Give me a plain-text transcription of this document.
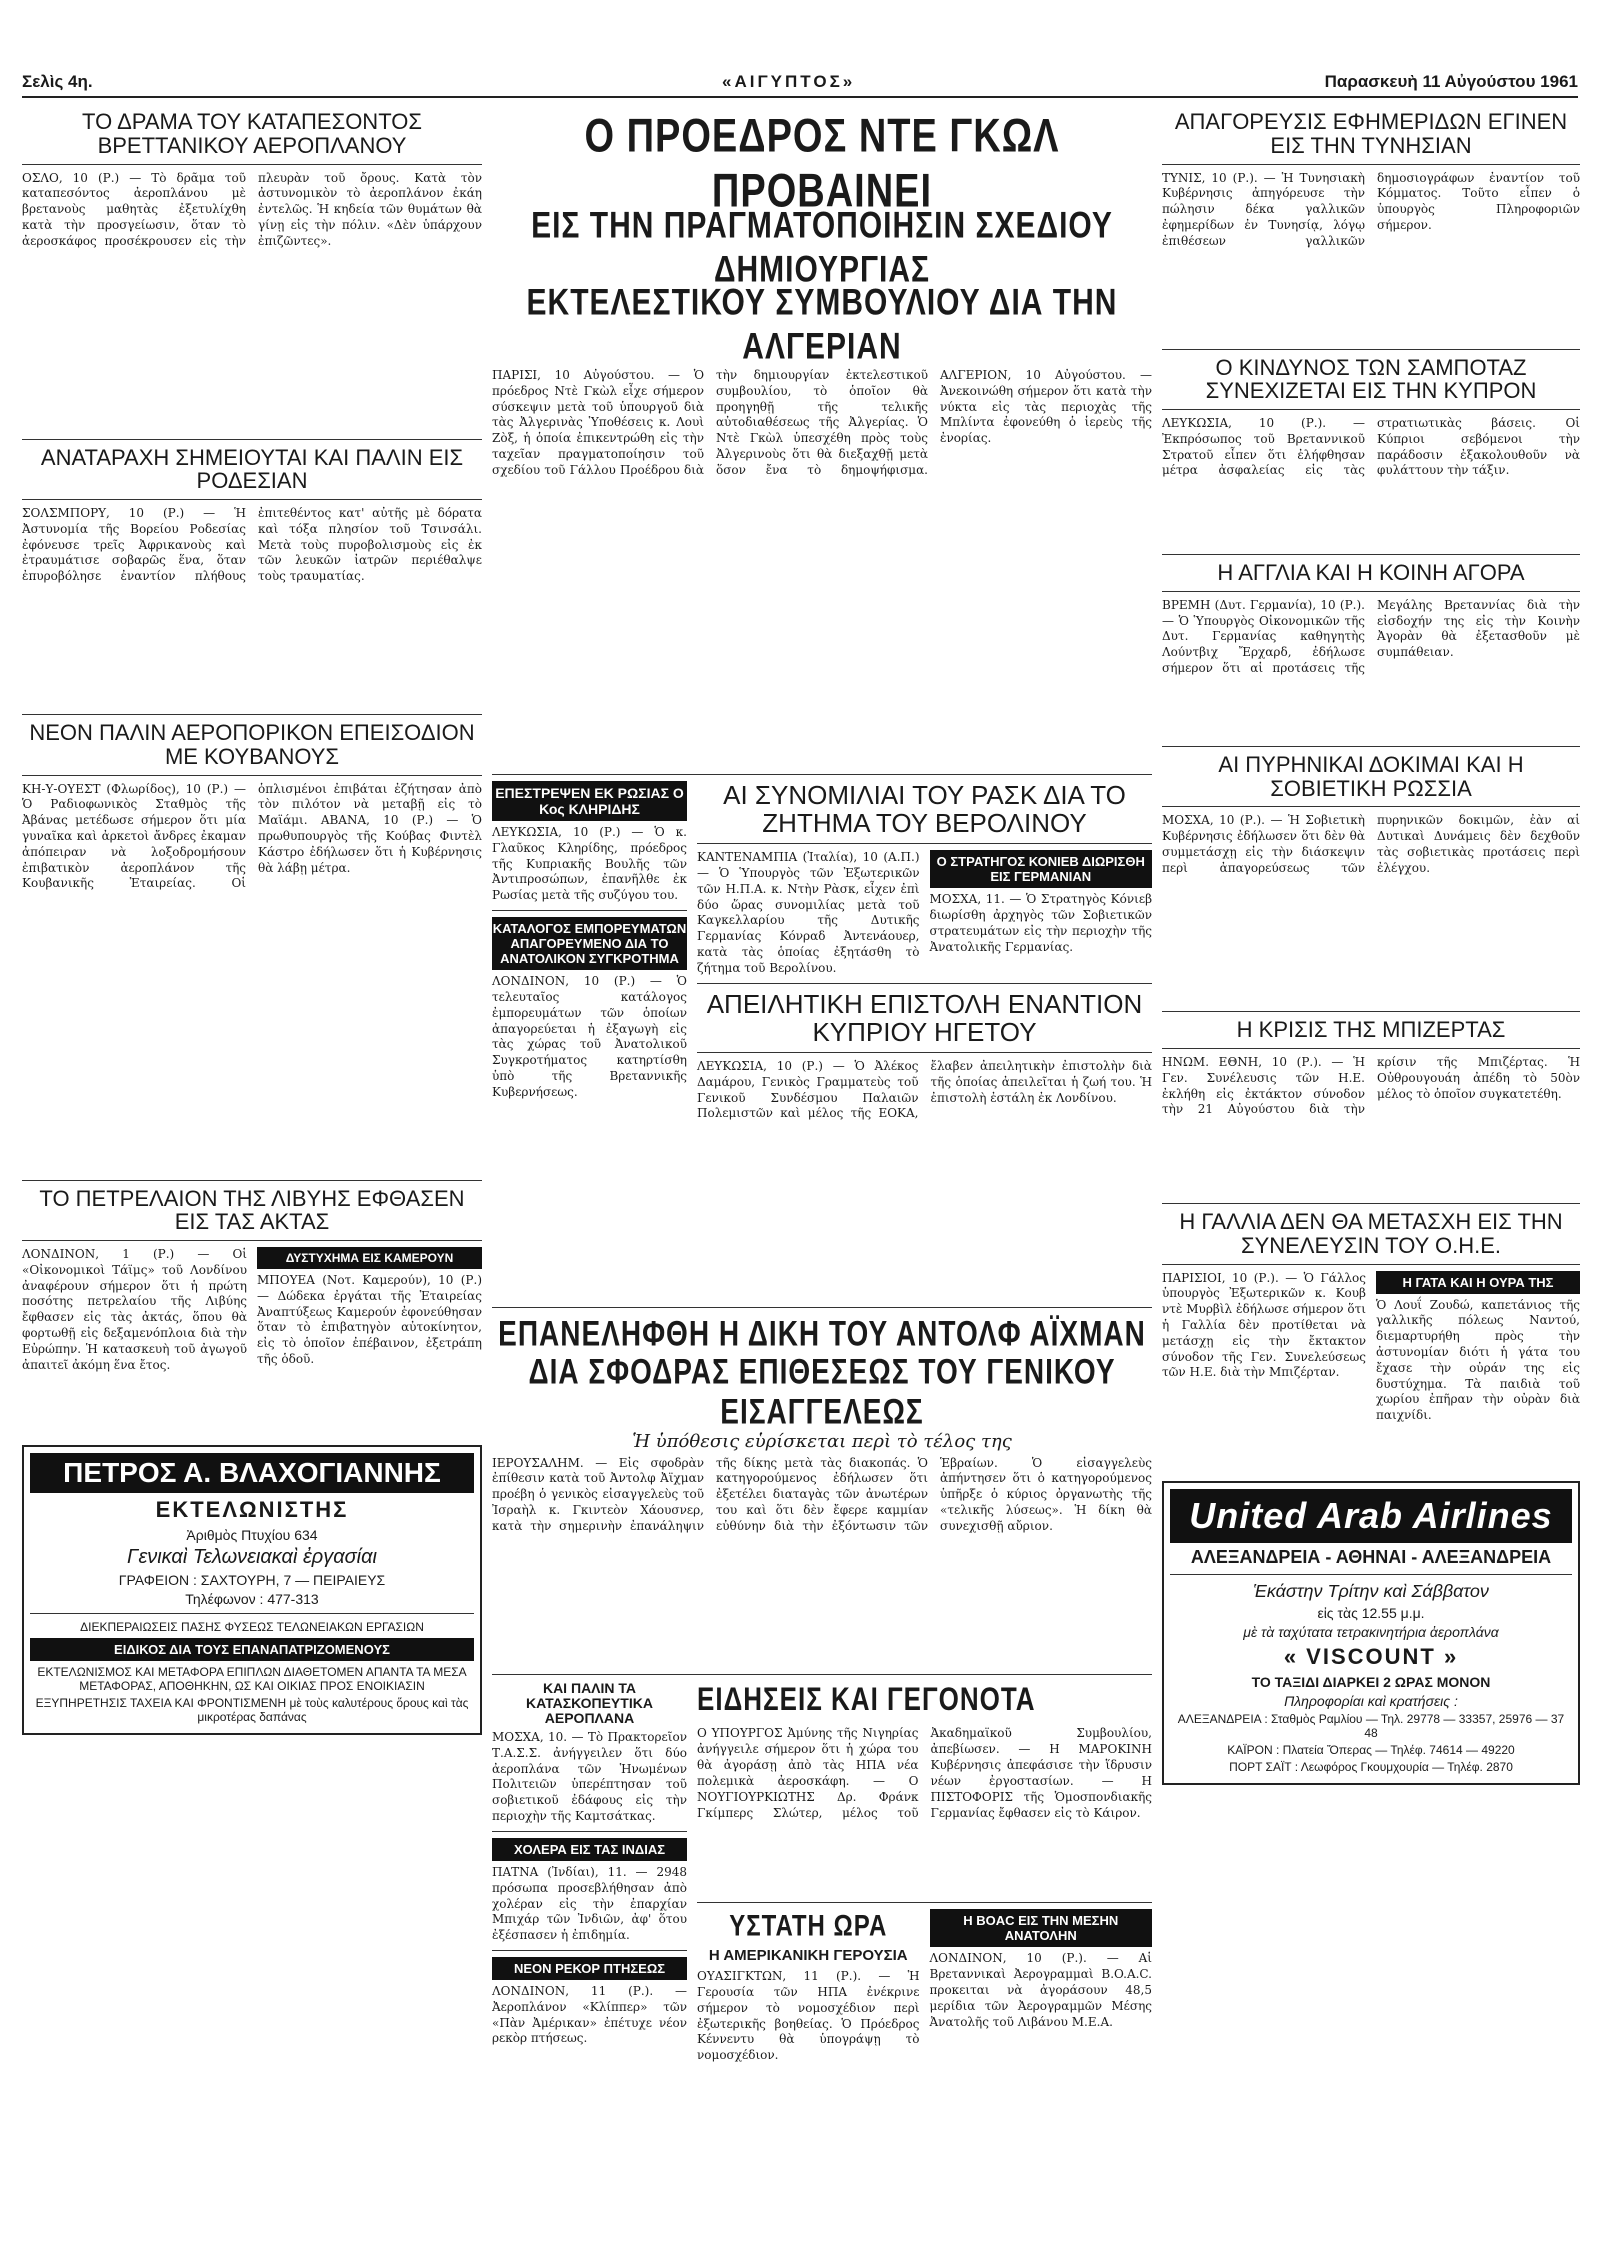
Σελὶς 4η.	«ΑΙΓΥΠΤΟΣ»	Παρασκευὴ 11 Αὐγούστου 1961
ΤΟ ΔΡΑΜΑ ΤΟΥ ΚΑΤΑΠΕΣΟΝΤΟΣ ΒΡΕΤΤΑΝΙΚΟΥ ΑΕΡΟΠΛΑΝΟΥ
ΟΣΛΟ, 10 (Ρ.) — Τὸ δρᾶμα τοῦ καταπεσόντος ἀεροπλάνου μὲ βρετανοὺς μαθητὰς ἐξετυλίχθη κατὰ τὴν προσγείωσιν, ὅταν τὸ ἀεροσκάφος προσέκρουσεν εἰς τὴν πλευρὰν τοῦ ὄρους. Κατὰ τὸν ἀστυνομικὸν τὸ ἀεροπλάνον ἐκάη ἐντελῶς. Ἡ κηδεία τῶν θυμάτων θὰ γίνῃ εἰς τὴν πόλιν. «Δὲν ὑπάρχουν ἐπιζῶντες».
ΑΝΑΤΑΡΑΧΗ ΣΗΜΕΙΟΥΤΑΙ ΚΑΙ ΠΑΛΙΝ ΕΙΣ ΡΟΔΕΣΙΑΝ
ΣΟΛΣΜΠΟΡΥ, 10 (Ρ.) — Ἡ Ἀστυνομία τῆς Βορείου Ροδεσίας ἐφόνευσε τρεῖς Ἀφρικανοὺς καὶ ἐτραυμάτισε σοβαρῶς ἕνα, ὅταν ἐπυροβόλησε ἐναντίον πλήθους ἐπιτεθέντος κατ' αὐτῆς μὲ δόρατα καὶ τόξα πλησίον τοῦ Τσινσάλι. Μετὰ τοὺς πυροβολισμοὺς εἰς ἐκ τῶν λευκῶν ἰατρῶν περιέθαλψε τοὺς τραυματίας.
ΝΕΟΝ ΠΑΛΙΝ ΑΕΡΟΠΟΡΙΚΟΝ ΕΠΕΙΣΟΔΙΟΝ ΜΕ ΚΟΥΒΑΝΟΥΣ
ΚΗ-Υ-ΟΥΕΣΤ (Φλωρίδος), 10 (Ρ.) — Ὁ Ραδιοφωνικὸς Σταθμὸς τῆς Ἀβάνας μετέδωσε σήμερον ὅτι μία γυναῖκα καὶ ἀρκετοὶ ἄνδρες ἐκαμαν ἀπόπειραν νὰ λοξοδρομήσουν ἐπιβατικὸν ἀεροπλάνον τῆς Κουβανικῆς Ἑταιρείας. Οἱ ὁπλισμένοι ἐπιβάται ἐζήτησαν ἀπὸ τὸν πιλότον νὰ μεταβῇ εἰς τὸ Μαϊάμι. ΑΒΑΝΑ, 10 (Ρ.) — Ὁ πρωθυπουργὸς τῆς Κούβας Φιντὲλ Κάστρο ἐδήλωσεν ὅτι ἡ Κυβέρνησις θὰ λάβῃ μέτρα.
ΤΟ ΠΕΤΡΕΛΑΙΟΝ ΤΗΣ ΛΙΒΥΗΣ ΕΦΘΑΣΕΝ ΕΙΣ ΤΑΣ ΑΚΤΑΣ
ΛΟΝΔΙΝΟΝ, 1 (Ρ.) — Οἱ «Οἰκονομικοὶ Τάϊμς» τοῦ Λονδίνου ἀναφέρουν σήμερον ὅτι ἡ πρώτη ποσότης πετρελαίου τῆς Λιβύης ἔφθασεν εἰς τὰς ἀκτάς, ὅπου θὰ φορτωθῇ εἰς δεξαμενόπλοια διὰ τὴν Εὐρώπην. Ἡ κατασκευὴ τοῦ ἀγωγοῦ ἀπαιτεῖ ἀκόμη ἕνα ἔτος.
ΔΥΣΤΥΧΗΜΑ ΕΙΣ ΚΑΜΕΡΟΥΝ
ΜΠΟΥΕΑ (Νοτ. Καμερούν), 10 (Ρ.) — Δώδεκα ἐργάται τῆς Ἑταιρείας Ἀναπτύξεως Καμερούν ἐφονεύθησαν ὅταν τὸ ἐπιβατηγὸν αὐτοκίνητον, εἰς τὸ ὁποῖον ἐπέβαινον, ἐξετράπη τῆς ὁδοῦ.
ΠΕΤΡΟΣ Α. ΒΛΑΧΟΓΙΑΝΝΗΣ
ΕΚΤΕΛΩΝΙΣΤΗΣ
Ἀριθμὸς Πτυχίου 634
Γενικαὶ Τελωνειακαὶ ἐργασίαι
ΓΡΑΦΕΙΟΝ : ΣΑΧΤΟΥΡΗ, 7 — ΠΕΙΡΑΙΕΥΣ
Τηλέφωνον : 477-313
ΔΙΕΚΠΕΡΑΙΩΣΕΙΣ ΠΑΣΗΣ ΦΥΣΕΩΣ ΤΕΛΩΝΕΙΑΚΩΝ ΕΡΓΑΣΙΩΝ
ΕΙΔΙΚΟΣ ΔΙΑ ΤΟΥΣ ΕΠΑΝΑΠΑΤΡΙΖΟΜΕΝΟΥΣ
ΕΚΤΕΛΩΝΙΣΜΟΣ ΚΑΙ ΜΕΤΑΦΟΡΑ ΕΠΙΠΛΩΝ ΔΙΑΘΕΤΟΜΕΝ ΑΠΑΝΤΑ ΤΑ ΜΕΣΑ ΜΕΤΑΦΟΡΑΣ, ΑΠΟΘΗΚΗΝ, ΩΣ ΚΑΙ ΟΙΚΙΑΣ ΠΡΟΣ ΕΝΟΙΚΙΑΣΙΝ
ΕΞΥΠΗΡΕΤΗΣΙΣ ΤΑΧΕΙΑ ΚΑΙ ΦΡΟΝΤΙΣΜΕΝΗ μὲ τοὺς καλυτέρους ὅρους καὶ τὰς μικροτέρας δαπάνας
Ο ΠΡΟΕΔΡΟΣ ΝΤΕ ΓΚΩΛ ΠΡΟΒΑΙΝΕΙ
ΕΙΣ ΤΗΝ ΠΡΑΓΜΑΤΟΠΟΙΗΣΙΝ ΣΧΕΔΙΟΥ ΔΗΜΙΟΥΡΓΙΑΣ
ΕΚΤΕΛΕΣΤΙΚΟΥ ΣΥΜΒΟΥΛΙΟΥ ΔΙΑ ΤΗΝ ΑΛΓΕΡΙΑΝ
ΠΑΡΙΣΙ, 10 Αὐγούστου. — Ὁ πρόεδρος Ντὲ Γκὼλ εἶχε σήμερον σύσκεψιν μετὰ τοῦ ὑπουργοῦ διὰ τὰς Ἀλγερινὰς Ὑποθέσεις κ. Λουὶ Ζὸξ, ἡ ὁποία ἐπικεντρώθη εἰς τὴν ταχεῖαν πραγματοποίησιν τοῦ σχεδίου τοῦ Γάλλου Προέδρου διὰ τὴν δημιουργίαν ἐκτελεστικοῦ συμβουλίου, τὸ ὁποῖον θὰ προηγηθῇ τῆς τελικῆς αὐτοδιαθέσεως τῆς Ἀλγερίας. Ὁ Ντὲ Γκὼλ ὑπεσχέθη πρὸς τοὺς Ἀλγερινοὺς ὅτι θὰ διεξαχθῇ μετὰ ὅσον ἔνα τὸ δημοψήφισμα. ΑΛΓΕΡΙΟΝ, 10 Αὐγούστου. — Ἀνεκοινώθη σήμερον ὅτι κατὰ τὴν νύκτα εἰς τὰς περιοχὰς τῆς Μπλίντα ἐφονεύθη ὁ ἱερεὺς τῆς ἐνορίας.
ΕΠΕΣΤΡΕΨΕΝ ΕΚ ΡΩΣΙΑΣ Ο Κος ΚΛΗΡΙΔΗΣ
ΛΕΥΚΩΣΙΑ, 10 (Ρ.) — Ὁ κ. Γλαῦκος Κληρίδης, πρόεδρος τῆς Κυπριακῆς Βουλῆς τῶν Ἀντιπροσώπων, ἐπανῆλθε ἐκ Ρωσίας μετὰ τῆς συζύγου του.
ΚΑΤΑΛΟΓΟΣ ΕΜΠΟΡΕΥΜΑΤΩΝ ΑΠΑΓΟΡΕΥΜΕΝΟ ΔΙΑ ΤΟ ΑΝΑΤΟΛΙΚΟΝ ΣΥΓΚΡΟΤΗΜΑ
ΛΟΝΔΙΝΟΝ, 10 (Ρ.) — Ὁ τελευταῖος κατάλογος ἐμπορευμάτων τῶν ὁποίων ἀπαγορεύεται ἡ ἐξαγωγὴ εἰς τὰς χώρας τοῦ Ἀνατολικοῦ Συγκροτήματος κατηρτίσθη ὑπὸ τῆς Βρεταννικῆς Κυβερνήσεως.
ΑΙ ΣΥΝΟΜΙΛΙΑΙ ΤΟΥ ΡΑΣΚ ΔΙΑ ΤΟ ΖΗΤΗΜΑ ΤΟΥ ΒΕΡΟΛΙΝΟΥ
ΚΑΝΤΕΝΑΜΠΙΑ (Ἰταλία), 10 (Α.Π.) — Ὁ Ὑπουργὸς τῶν Ἐξωτερικῶν τῶν Η.Π.Α. κ. Ντὴν Ρὰσκ, εἶχεν ἐπὶ δύο ὥρας συνομιλίας μετὰ τοῦ Καγκελλαρίου τῆς Δυτικῆς Γερμανίας Κόνραδ Ἀντενάουερ, κατὰ τὰς ὁποίας ἐξητάσθη τὸ ζήτημα τοῦ Βερολίνου.
Ο ΣΤΡΑΤΗΓΟΣ ΚΟΝΙΕΒ ΔΙΩΡΙΣΘΗ ΕΙΣ ΓΕΡΜΑΝΙΑΝ
ΜΟΣΧΑ, 11. — Ὁ Στρατηγὸς Κόνιεβ διωρίσθη ἀρχηγὸς τῶν Σοβιετικῶν στρατευμάτων εἰς τὴν περιοχὴν τῆς Ἀνατολικῆς Γερμανίας.
ΑΠΕΙΛΗΤΙΚΗ ΕΠΙΣΤΟΛΗ ΕΝΑΝΤΙΟΝ ΚΥΠΡΙΟΥ ΗΓΕΤΟΥ
ΛΕΥΚΩΣΙΑ, 10 (Ρ.) — Ὁ Ἀλέκος Δαμάρου, Γενικὸς Γραμματεὺς τοῦ Γενικοῦ Συνδέσμου Παλαιῶν Πολεμιστῶν καὶ μέλος τῆς ΕΟΚΑ, ἔλαβεν ἀπειλητικὴν ἐπιστολὴν διὰ τῆς ὁποίας ἀπειλεῖται ἡ ζωή του. Ἡ ἐπιστολὴ ἐστάλη ἐκ Λονδίνου.
ΕΠΑΝΕΛΗΦΘΗ Η ΔΙΚΗ ΤΟΥ ΑΝΤΟΛΦ ΑΪΧΜΑΝ
ΔΙΑ ΣΦΟΔΡΑΣ ΕΠΙΘΕΣΕΩΣ ΤΟΥ ΓΕΝΙΚΟΥ ΕΙΣΑΓΓΕΛΕΩΣ
Ἡ ὑπόθεσις εὑρίσκεται περὶ τὸ τέλος της
ΙΕΡΟΥΣΑΛΗΜ. — Εἰς σφοδρὰν ἐπίθεσιν κατὰ τοῦ Ἀντολφ Ἀϊχμαν προέβη ὁ γενικὸς εἰσαγγελεὺς τοῦ Ἰσραὴλ κ. Γκιντεὸν Χάουσνερ, κατὰ τὴν σημερινὴν ἐπανάληψιν τῆς δίκης μετὰ τὰς διακοπάς. Ὁ κατηγορούμενος ἐδήλωσεν ὅτι ἐξετέλει διαταγὰς τῶν ἀνωτέρων του καὶ ὅτι δὲν ἔφερε καμμίαν εὐθύνην διὰ τὴν ἐξόντωσιν τῶν Ἑβραίων. Ὁ εἰσαγγελεὺς ἀπήντησεν ὅτι ὁ κατηγορούμενος ὑπῆρξε ὁ κύριος ὀργανωτὴς τῆς «τελικῆς λύσεως». Ἡ δίκη θὰ συνεχισθῇ αὔριον.
ΚΑΙ ΠΑΛΙΝ ΤΑ ΚΑΤΑΣΚΟΠΕΥΤΙΚΑ ΑΕΡΟΠΛΑΝΑ
ΜΟΣΧΑ, 10. — Τὸ Πρακτορεῖον Τ.Α.Σ.Σ. ἀνήγγειλεν ὅτι δύο ἀεροπλάνα τῶν Ἡνωμένων Πολιτειῶν ὑπερέπτησαν τοῦ σοβιετικοῦ ἐδάφους εἰς τὴν περιοχὴν τῆς Καμτσάτκας.
ΧΟΛΕΡΑ ΕΙΣ ΤΑΣ ΙΝΔΙΑΣ
ΠΑΤΝΑ (Ἰνδίαι), 11. — 2948 πρόσωπα προσεβλήθησαν ἀπὸ χολέραν εἰς τὴν ἐπαρχίαν Μπιχάρ τῶν Ἰνδιῶν, ἀφ' ὅτου ἐξέσπασεν ἡ ἐπιδημία.
ΝΕΟΝ ΡΕΚΟΡ ΠΤΗΣΕΩΣ
ΛΟΝΔΙΝΟΝ, 11 (Ρ.). — Ἀεροπλάνον «Κλίππερ» τῶν «Πὰν Ἀμέρικαν» ἐπέτυχε νέον ρεκὸρ πτήσεως.
ΕΙΔΗΣΕΙΣ ΚΑΙ ΓΕΓΟΝΟΤΑ
Ο ΥΠΟΥΡΓΟΣ Ἀμύνης τῆς Νιγηρίας ἀνήγγειλε σήμερον ὅτι ἡ χώρα του θὰ ἀγοράσῃ ἀπὸ τὰς ΗΠΑ νέα πολεμικὰ ἀεροσκάφη. — Ο ΝΟΥΓΙΟΥΡΚΙΩΤΗΣ Δρ. Φράνκ Γκίμπερς Σλώτερ, μέλος τοῦ Ἀκαδημαϊκοῦ Συμβουλίου, ἀπεβίωσεν. — Η ΜΑΡΟΚΙΝΗ Κυβέρνησις ἀπεφάσισε τὴν ἵδρυσιν νέων ἐργοστασίων. — Η ΠΙΣΤΟΦΟΡΙΣ τῆς Ὁμοσπονδιακῆς Γερμανίας ἔφθασεν εἰς τὸ Κάιρον.
ΥΣΤΑΤΗ ΩΡΑ
Η ΑΜΕΡΙΚΑΝΙΚΗ ΓΕΡΟΥΣΙΑ
ΟΥΑΣΙΓΚΤΩΝ, 11 (Ρ.). — Ἡ Γερουσία τῶν ΗΠΑ ἐνέκρινε σήμερον τὸ νομοσχέδιον περὶ ἐξωτερικῆς βοηθείας. Ὁ Πρόεδρος Κέννεντυ θὰ ὑπογράψῃ τὸ νομοσχέδιον.
Η BOAC ΕΙΣ ΤΗΝ ΜΕΣΗΝ ΑΝΑΤΟΛΗΝ
ΛΟΝΔΙΝΟΝ, 10 (Ρ.). — Αἱ Βρεταννικαὶ Ἀερογραμμαὶ B.O.A.C. προκειται νὰ ἀγοράσουν 48,5 μερίδια τῶν Ἀερογραμμῶν Μέσης Ἀνατολῆς τοῦ Λιβάνου M.E.A.
ΑΠΑΓΟΡΕΥΣΙΣ ΕΦΗΜΕΡΙΔΩΝ ΕΓΙΝΕΝ ΕΙΣ ΤΗΝ ΤΥΝΗΣΙΑΝ
ΤΥΝΙΣ, 10 (Ρ.). — Ἡ Τυνησιακὴ Κυβέρνησις ἀπηγόρευσε τὴν πώλησιν δέκα γαλλικῶν ἐφημερίδων ἐν Τυνησίᾳ, λόγῳ ἐπιθέσεων γαλλικῶν δημοσιογράφων ἐναντίον τοῦ Κόμματος. Τοῦτο εἶπεν ὁ ὑπουργὸς Πληροφοριῶν σήμερον.
Ο ΚΙΝΔΥΝΟΣ ΤΩΝ ΣΑΜΠΟΤΑΖ ΣΥΝΕΧΙΖΕΤΑΙ ΕΙΣ ΤΗΝ ΚΥΠΡΟΝ
ΛΕΥΚΩΣΙΑ, 10 (Ρ.). — Ἐκπρόσωπος τοῦ Βρεταννικοῦ Στρατοῦ εἶπεν ὅτι ἐλήφθησαν μέτρα ἀσφαλείας εἰς τὰς στρατιωτικὰς βάσεις. Οἱ Κύπριοι σεβόμενοι τὴν παράδοσιν ἐξακολουθοῦν νὰ φυλάττουν τὴν τάξιν.
Η ΑΓΓΛΙΑ ΚΑΙ Η ΚΟΙΝΗ ΑΓΟΡΑ
ΒΡΕΜΗ (Δυτ. Γερμανία), 10 (Ρ.). — Ὁ Ὑπουργὸς Οἰκονομικῶν τῆς Δυτ. Γερμανίας καθηγητὴς Λούντβιχ Ἔρχαρδ, ἐδήλωσε σήμερον ὅτι αἱ προτάσεις τῆς Μεγάλης Βρεταννίας διὰ τὴν εἰσδοχήν της εἰς τὴν Κοινὴν Ἀγορὰν θὰ ἐξετασθοῦν μὲ συμπάθειαν.
ΑΙ ΠΥΡΗΝΙΚΑΙ ΔΟΚΙΜΑΙ ΚΑΙ Η ΣΟΒΙΕΤΙΚΗ ΡΩΣΣΙΑ
ΜΟΣΧΑ, 10 (Ρ.). — Ἡ Σοβιετικὴ Κυβέρνησις ἐδήλωσεν ὅτι δὲν θὰ συμμετάσχῃ εἰς τὴν διάσκεψιν περὶ ἀπαγορεύσεως τῶν πυρηνικῶν δοκιμῶν, ἐὰν αἱ Δυτικαὶ Δυνάμεις δὲν δεχθοῦν τὰς σοβιετικὰς προτάσεις περὶ ἐλέγχου.
Η ΚΡΙΣΙΣ ΤΗΣ ΜΠΙΖΕΡΤΑΣ
ΗΝΩΜ. ΕΘΝΗ, 10 (Ρ.). — Ἡ Γεν. Συνέλευσις τῶν Η.Ε. ἐκλήθη εἰς ἐκτάκτον σύνοδον τὴν 21 Αὐγούστου διὰ τὴν κρίσιν τῆς Μπιζέρτας. Ἡ Οὐθρουγουάη ἀπέδη τὸ 50ὸν μέλος τὸ ὁποῖον συγκατετέθη.
Η ΓΑΛΛΙΑ ΔΕΝ ΘΑ ΜΕΤΑΣΧΗ ΕΙΣ ΤΗΝ ΣΥΝΕΛΕΥΣΙΝ ΤΟΥ Ο.Η.Ε.
ΠΑΡΙΣΙΟΙ, 10 (Ρ.). — Ὁ Γάλλος ὑπουργὸς Ἐξωτερικῶν κ. Κουβ ντὲ Μυρβὶλ ἐδήλωσε σήμερον ὅτι ἡ Γαλλία δὲν προτίθεται νὰ μετάσχῃ εἰς τὴν ἔκτακτον σύνοδον τῆς Γεν. Συνελεύσεως τῶν Η.Ε. διὰ τὴν Μπιζέρταν.
Η ΓΑΤΑ ΚΑΙ Η ΟΥΡΑ ΤΗΣ
Ὁ Λουΐ Ζουδώ, καπετάνιος τῆς γαλλικῆς πόλεως Ναντού, διεμαρτυρήθη πρὸς τὴν ἀστυνομίαν διότι ἡ γάτα του ἔχασε τὴν οὐράν της εἰς δυστύχημα. Τὰ παιδιὰ τοῦ χωρίου ἐπῆραν τὴν οὐρὰν διὰ παιχνίδι.
United Arab Airlines
ΑΛΕΞΑΝΔΡΕΙΑ - ΑΘΗΝΑΙ - ΑΛΕΞΑΝΔΡΕΙΑ
Ἑκάστην Τρίτην καὶ Σάββατον
εἰς τὰς 12.55 μ.μ.
μὲ τὰ ταχύτατα τετρακινητήρια ἀεροπλάνα
« VISCOUNT »
ΤΟ ΤΑΞΙΔΙ ΔΙΑΡΚΕΙ 2 ΩΡΑΣ ΜΟΝΟΝ
Πληροφορίαι καὶ κρατήσεις :
ΑΛΕΞΑΝΔΡΕΙΑ : Σταθμὸς Ραμλίου — Τηλ. 29778 — 33357, 25976 — 37 48
ΚΑΪΡΟΝ : Πλατεία Ὄπερας — Τηλέφ. 74614 — 49220
ΠΟΡΤ ΣΑΪΤ : Λεωφόρος Γκουμχουρία — Τηλέφ. 2870
